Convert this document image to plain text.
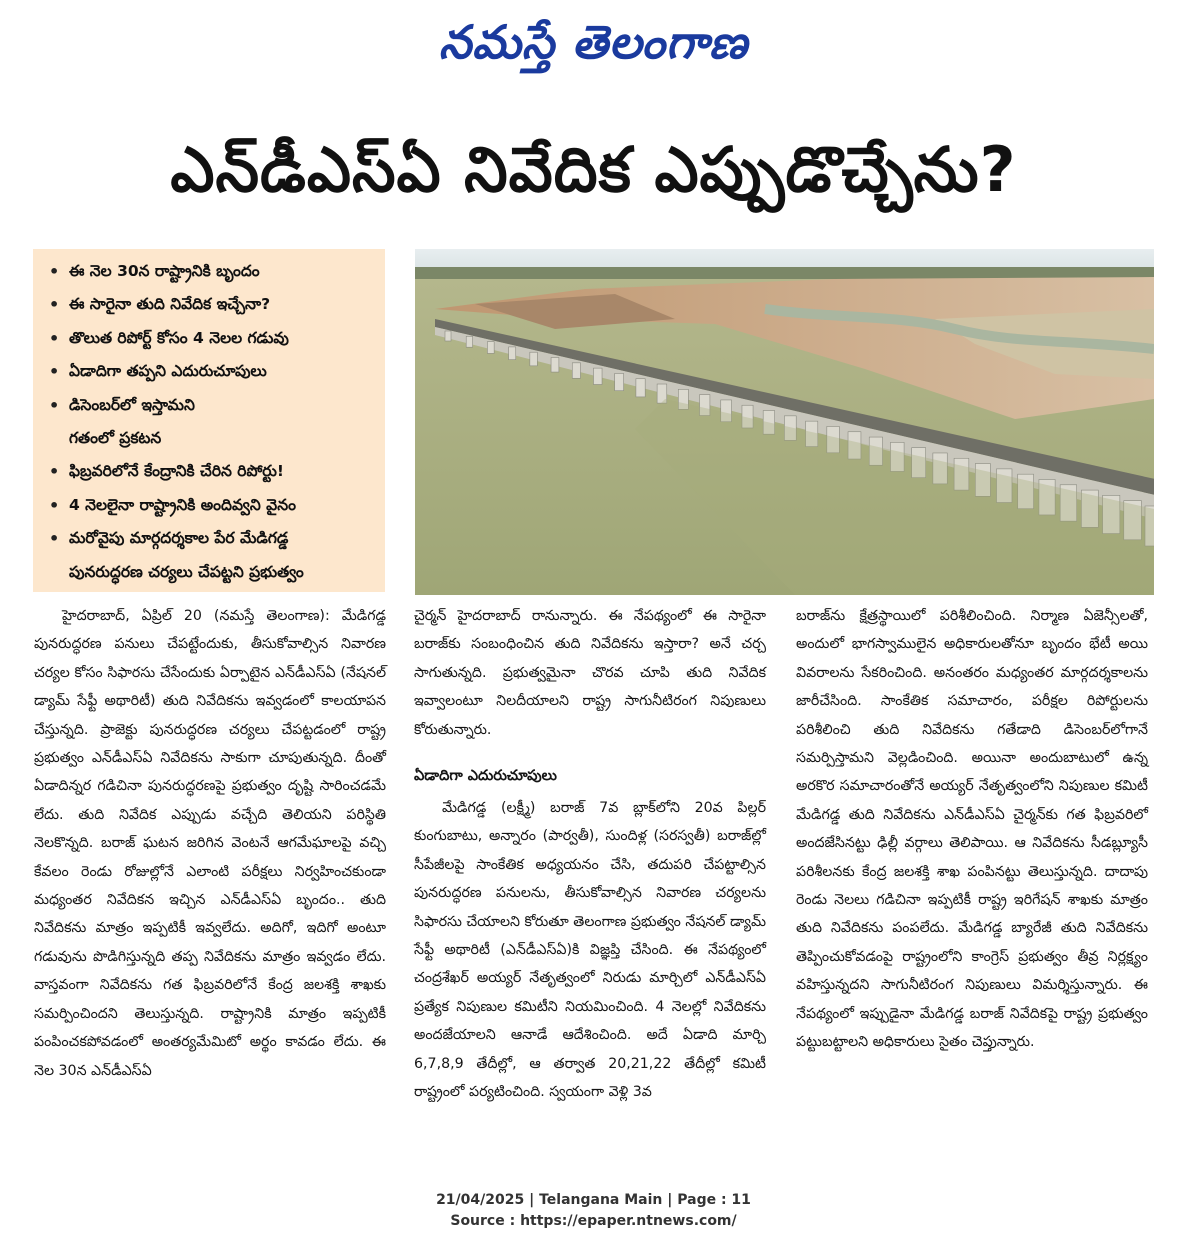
నమస్తే తెలంగాణ
ఎన్‌డీఎస్‌ఏ నివేదిక ఎప్పుడొచ్చేను?
• ఈ నెల 30న రాష్ట్రానికి బృందం
• ఈ సారైనా తుది నివేదిక ఇచ్చేనా?
• తొలుత రిపోర్ట్ కోసం 4 నెలల గడువు
• ఏడాదిగా తప్పని ఎదురుచూపులు
• డిసెంబర్‌లో ఇస్తామని
గతంలో ప్రకటన
• ఫిబ్రవరిలోనే కేంద్రానికి చేరిన రిపోర్టు!
• 4 నెలలైనా రాష్ట్రానికి అందివ్వని వైనం
• మరోవైపు మార్గదర్శకాల పేర మేడిగడ్డ
పునరుద్ధరణ చర్యలు చేపట్టని ప్రభుత్వం

హైదరాబాద్, ఏప్రిల్ 20 (నమస్తే తెలంగాణ): మేడిగడ్డ పునరుద్ధరణ పనులు చేపట్టేందుకు, తీసుకోవాల్సిన నివారణ చర్యల కోసం సిఫారసు చేసేందుకు ఏర్పాటైన ఎన్‌డీఎస్‌ఏ (నేషనల్ డ్యామ్ సేఫ్టీ అథారిటీ) తుది నివేదికను ఇవ్వడంలో కాలయాపన చేస్తున్నది. ప్రాజెక్టు పునరుద్ధరణ చర్యలు చేపట్టడంలో రాష్ట్ర ప్రభుత్వం ఎన్‌డీఎస్‌ఏ నివేదికను సాకుగా చూపుతున్నది. దీంతో ఏడాదిన్నర గడిచినా పునరుద్ధరణపై ప్రభుత్వం దృష్టి సారించడమే లేదు. తుది నివేదిక ఎప్పుడు వచ్చేది తెలియని పరిస్థితి నెలకొన్నది. బరాజ్ ఘటన జరిగిన వెంటనే ఆగమేఘాలపై వచ్చి కేవలం రెండు రోజుల్లోనే ఎలాంటి పరీక్షలు నిర్వహించకుండా మధ్యంతర నివేదికన ఇచ్చిన ఎన్‌డీఎస్‌ఏ బృందం.. తుది నివేదికను మాత్రం ఇప్పటికీ ఇవ్వలేదు. అదిగో, ఇదిగో అంటూ గడువును పొడిగిస్తున్నది తప్ప నివేదికను మాత్రం ఇవ్వడం లేదు. వాస్తవంగా నివేదికను గత ఫిబ్రవరిలోనే కేంద్ర జలశక్తి శాఖకు సమర్పించిందని తెలుస్తున్నది. రాష్ట్రానికి మాత్రం ఇప్పటికీ పంపించకపోవడంలో అంతర్యమేమిటో అర్థం కావడం లేదు. ఈ నెల 30న ఎన్‌డీఎస్‌ఏ

చైర్మన్ హైదరాబాద్ రానున్నారు. ఈ నేపథ్యంలో ఈ సారైనా బరాజ్‌కు సంబంధించిన తుది నివేదికను ఇస్తారా? అనే చర్చ సాగుతున్నది. ప్రభుత్వమైనా చొరవ చూపి తుది నివేదిక ఇవ్వాలంటూ నిలదీయాలని రాష్ట్ర సాగునీటిరంగ నిపుణులు కోరుతున్నారు.

ఏడాదిగా ఎదురుచూపులు

మేడిగడ్డ (లక్ష్మీ) బరాజ్ 7వ బ్లాక్‌లోని 20వ పిల్లర్ కుంగుబాటు, అన్నారం (పార్వతీ), సుందిళ్ల (సరస్వతీ) బరాజ్‌ల్లో సీపేజీలపై సాంకేతిక అధ్యయనం చేసి, తదుపరి చేపట్టాల్సిన పునరుద్ధరణ పనులను, తీసుకోవాల్సిన నివారణ చర్యలను సిఫారసు చేయాలని కోరుతూ తెలంగాణ ప్రభుత్వం నేషనల్ డ్యామ్ సేఫ్టీ అథారిటీ (ఎన్‌డీఎస్‌ఏ)కి విజ్ఞప్తి చేసింది. ఈ నేపథ్యంలో చంద్రశేఖర్ అయ్యర్ నేతృత్వంలో నిరుడు మార్చిలో ఎన్‌డీఎస్‌ఏ ప్రత్యేక నిపుణుల కమిటీని నియమించింది. 4 నెలల్లో నివేదికను అందజేయాలని ఆనాడే ఆదేశించింది. అదే ఏడాది మార్చి 6,7,8,9 తేదీల్లో, ఆ తర్వాత 20,21,22 తేదీల్లో కమిటీ రాష్ట్రంలో పర్యటించింది. స్వయంగా వెళ్లి 3వ

బరాజ్‌ను క్షేత్రస్థాయిలో పరిశీలించింది. నిర్మాణ ఏజెన్సీలతో, అందులో భాగస్వాములైన అధికారులతోనూ బృందం భేటీ అయి వివరాలను సేకరించింది. అనంతరం మధ్యంతర మార్గదర్శకాలను జారీచేసింది. సాంకేతిక సమాచారం, పరీక్షల రిపోర్టులను పరిశీలించి తుది నివేదికను గతేడాది డిసెంబర్‌లోగానే సమర్పిస్తామని వెల్లడించింది. అయినా అందుబాటులో ఉన్న అరకొర సమాచారంతోనే అయ్యర్ నేతృత్వంలోని నిపుణుల కమిటీ మేడిగడ్డ తుది నివేదికను ఎన్‌డీఎస్‌ఏ చైర్మన్‌కు గత ఫిబ్రవరిలో అందజేసినట్టు ఢిల్లీ వర్గాలు తెలిపాయి. ఆ నివేదికను సీడబ్ల్యూసీ పరిశీలనకు కేంద్ర జలశక్తి శాఖ పంపినట్టు తెలుస్తున్నది. దాదాపు రెండు నెలలు గడిచినా ఇప్పటికీ రాష్ట్ర ఇరిగేషన్ శాఖకు మాత్రం తుది నివేదికను పంపలేదు. మేడిగడ్డ బ్యారేజీ తుది నివేదికను తెప్పించుకోవడంపై రాష్ట్రంలోని కాంగ్రెస్ ప్రభుత్వం తీవ్ర నిర్లక్ష్యం వహిస్తున్నదని సాగునీటిరంగ నిపుణులు విమర్శిస్తున్నారు. ఈ నేపథ్యంలో ఇప్పుడైనా మేడిగడ్డ బరాజ్ నివేదికపై రాష్ట్ర ప్రభుత్వం పట్టుబట్టాలని అధికారులు సైతం చెప్తున్నారు.

21/04/2025 | Telangana Main | Page : 11
Source : https://epaper.ntnews.com/
